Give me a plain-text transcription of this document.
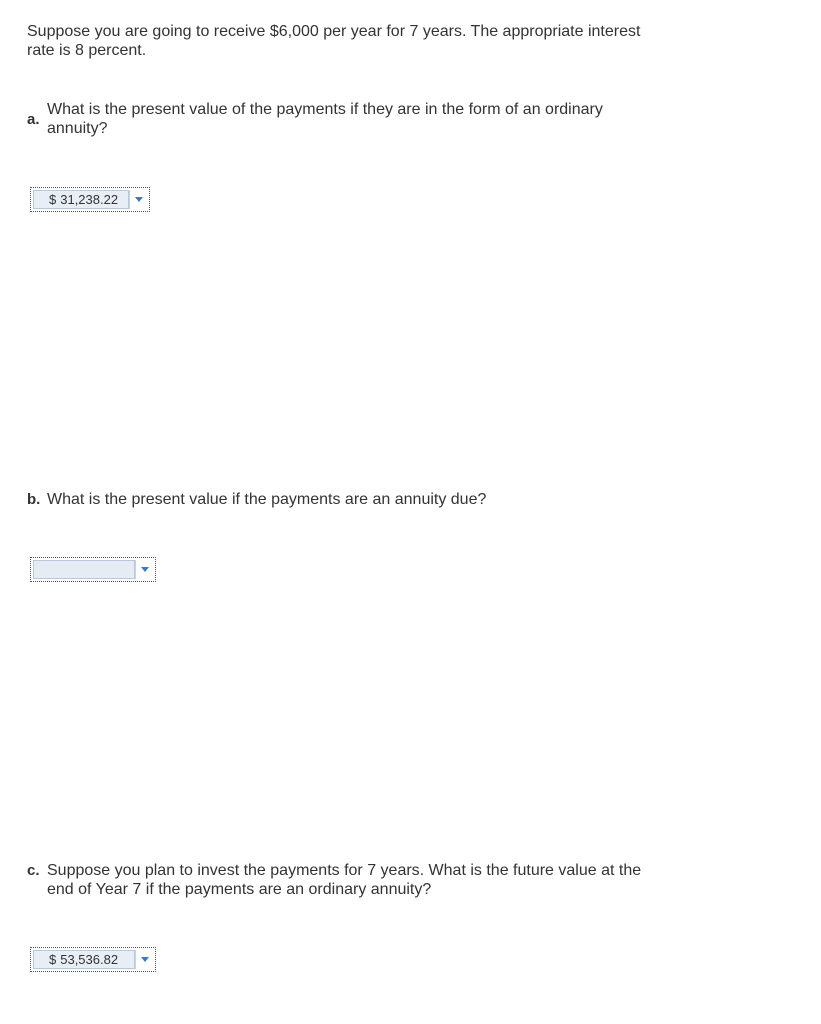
Suppose you are going to receive $6,000 per year for 7 years. The appropriate interest
rate is 8 percent.
a.
What is the present value of the payments if they are in the form of an ordinary
annuity?
$ 31,238.22
b. What is the present value if the payments are an annuity due?
c. Suppose you plan to invest the payments for 7 years. What is the future value at the
end of Year 7 if the payments are an ordinary annuity?
$ 53,536.82
